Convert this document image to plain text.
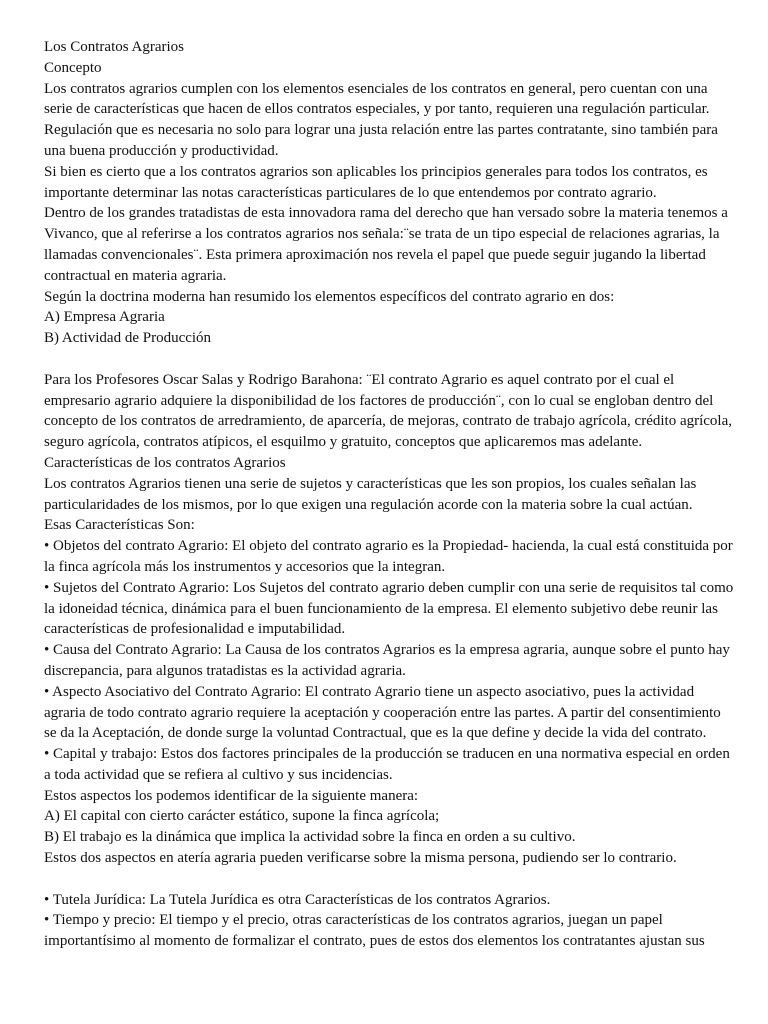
Los Contratos Agrarios

Concepto

Los contratos agrarios cumplen con los elementos esenciales de los contratos en general, pero cuentan con una serie de características que hacen de ellos contratos especiales, y por tanto, requieren una regulación particular. Regulación que es necesaria no solo para lograr una justa relación entre las partes contratante, sino también para una buena producción y productividad.

Si bien es cierto que a los contratos agrarios son aplicables los principios generales para todos los contratos, es importante determinar las notas características particulares de lo que entendemos por contrato agrario.

Dentro de los grandes tratadistas de esta innovadora rama del derecho que han versado sobre la materia tenemos a Vivanco, que al referirse a los contratos agrarios nos señala:¨se trata de un tipo especial de relaciones agrarias, la llamadas convencionales¨. Esta primera aproximación nos revela el papel que puede seguir jugando la libertad contractual en materia agraria.

Según la doctrina moderna han resumido los elementos específicos del contrato agrario en dos:

A) Empresa Agraria

B) Actividad de Producción

Para los Profesores Oscar Salas y Rodrigo Barahona: ¨El contrato Agrario es aquel contrato por el cual el empresario agrario adquiere la disponibilidad de los factores de producción¨, con lo cual se engloban dentro del concepto de los contratos de arredramiento, de aparcería, de mejoras, contrato de trabajo agrícola, crédito agrícola, seguro agrícola, contratos atípicos, el esquilmo y gratuito, conceptos que aplicaremos mas adelante.

Características de los contratos Agrarios

Los contratos Agrarios tienen una serie de sujetos y características que les son propios, los cuales señalan las particularidades de los mismos, por lo que exigen una regulación acorde con la materia sobre la cual actúan.

Esas Características Son:

• Objetos del contrato Agrario: El objeto del contrato agrario es la Propiedad- hacienda, la cual está constituida por la finca agrícola más los instrumentos y accesorios que la integran.

• Sujetos del Contrato Agrario: Los Sujetos del contrato agrario deben cumplir con una serie de requisitos tal como la idoneidad técnica, dinámica para el buen funcionamiento de la empresa. El elemento subjetivo debe reunir las características de profesionalidad e imputabilidad.

• Causa del Contrato Agrario: La Causa de los contratos Agrarios es la empresa agraria, aunque sobre el punto hay discrepancia, para algunos tratadistas es la actividad agraria.

• Aspecto Asociativo del Contrato Agrario: El contrato Agrario tiene un aspecto asociativo, pues la actividad agraria de todo contrato agrario requiere la aceptación y cooperación entre las partes. A partir del consentimiento se da la Aceptación, de donde surge la voluntad Contractual, que es la que define y decide la vida del contrato.

• Capital y trabajo: Estos dos factores principales de la producción se traducen en una normativa especial en orden a toda actividad que se refiera al cultivo y sus incidencias.

Estos aspectos los podemos identificar de la siguiente manera:

A) El capital con cierto carácter estático, supone la finca agrícola;

B) El trabajo es la dinámica que implica la actividad sobre la finca en orden a su cultivo.

Estos dos aspectos en atería agraria pueden verificarse sobre la misma persona, pudiendo ser lo contrario.

• Tutela Jurídica: La Tutela Jurídica es otra Características de los contratos Agrarios.

• Tiempo y precio: El tiempo y el precio, otras características de los contratos agrarios, juegan un papel importantísimo al momento de formalizar el contrato, pues de estos dos elementos los contratantes ajustan sus
